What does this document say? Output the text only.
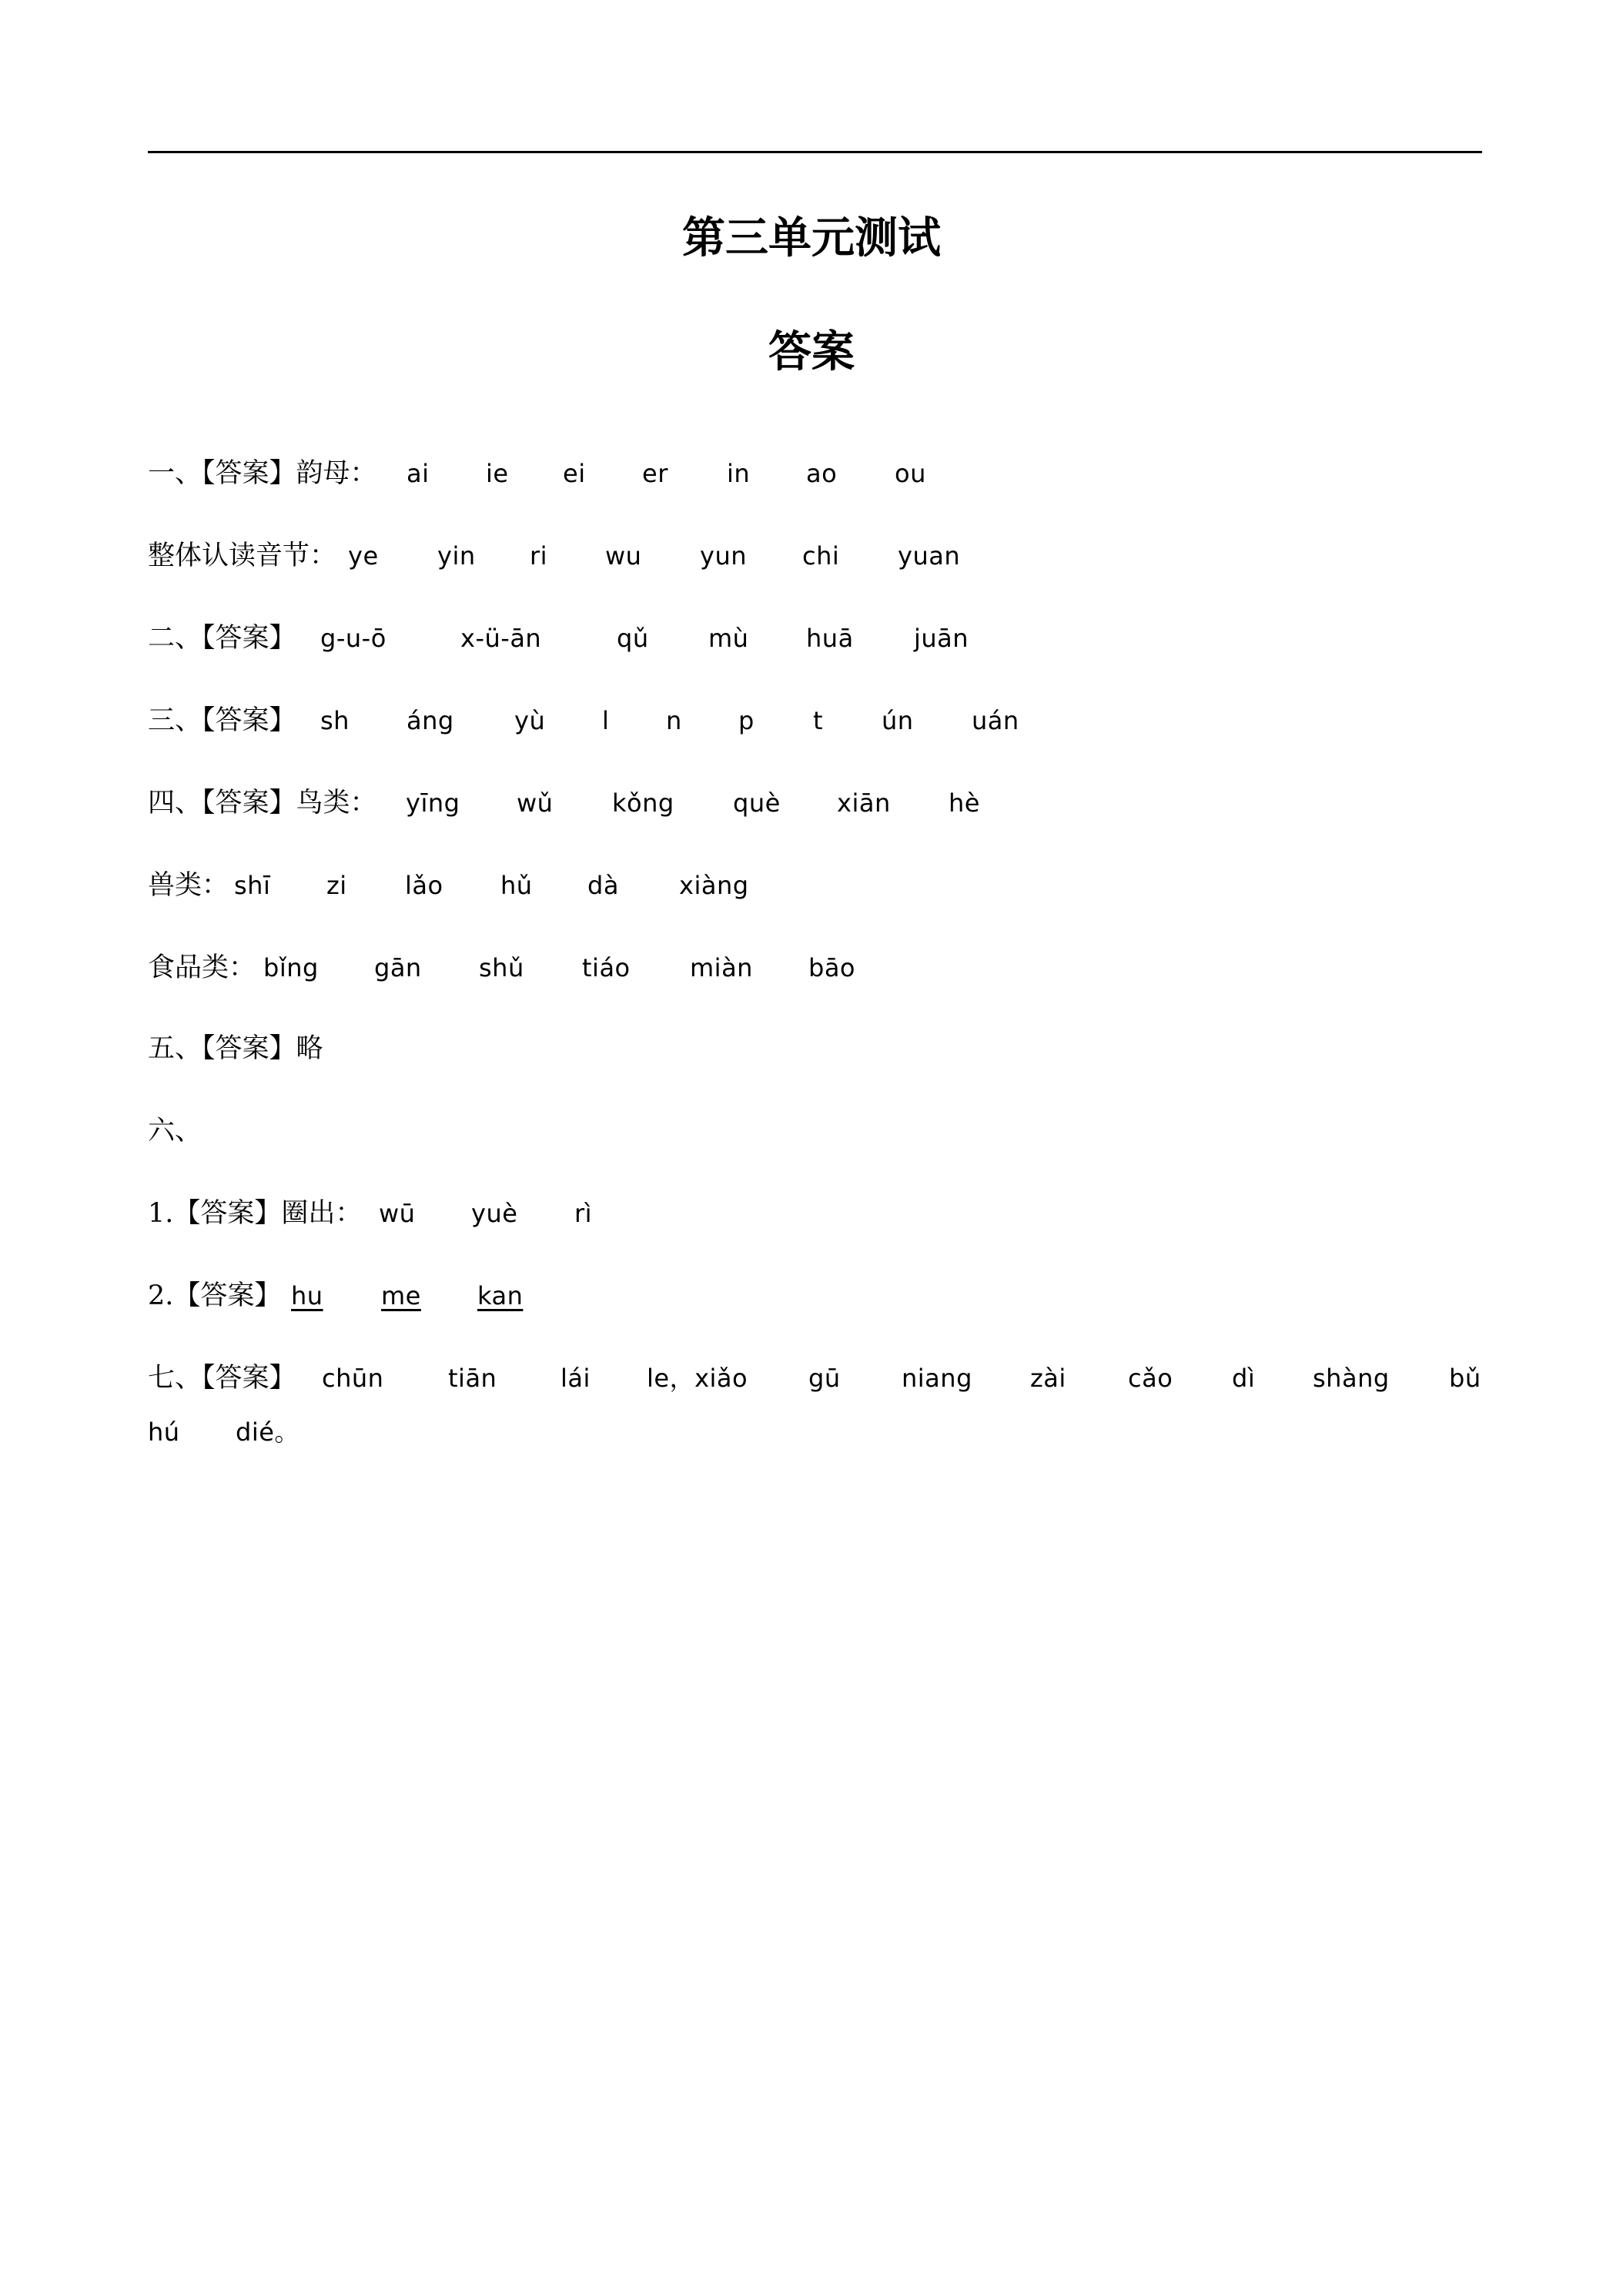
第三单元测试
答案
一、【答案】韵母： ai ie ei er in ao ou
整体认读音节： ye yin ri wu yun chi yuan
二、【答案】 g-u-ō	x-ü-ān	qǔ mù huā juān
三、【答案】 sh áng yù l n p t ún uán
四、【答案】鸟类： yīng wǔ kǒng què xiān hè
兽类： shī zi lǎo hǔ dà xiàng
食品类： bǐng gān shǔ tiáo miàn bāo
五、【答案】略
六、
1.【答案】圈出： wū yuè rì
2.【答案】 hu me kan
七、【答案】 chūn	tiān	lái le，xiǎo gū niang zài	cǎo dì shàng bǔ
hú dié。
